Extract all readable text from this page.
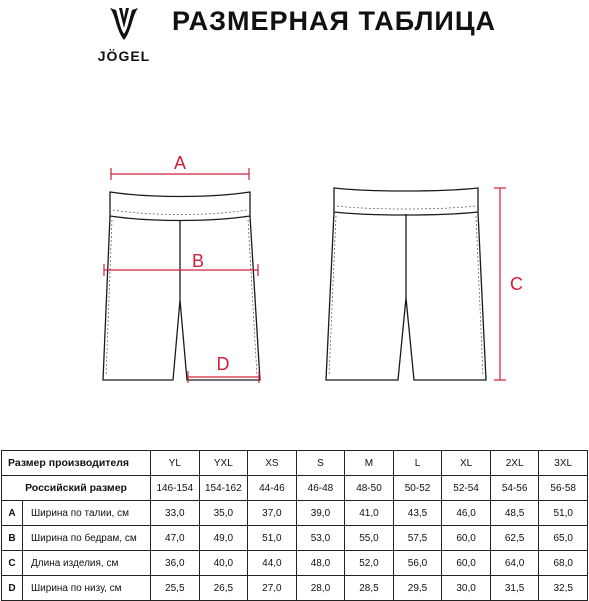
JÖGEL
РАЗМЕРНАЯ ТАБЛИЦА
A
B
C
D
Размер производителя		YL	YXL	XS	S	M	L	XL	2XL	3XL
Российский размер		146-154	154-162	44-46	46-48	48-50	50-52	52-54	54-56	56-58
A	Ширина по талии, см	33,0	35,0	37,0	39,0	41,0	43,5	46,0	48,5	51,0
B	Ширина по бедрам, см	47,0	49,0	51,0	53,0	55,0	57,5	60,0	62,5	65,0
C	Длина изделия, см	36,0	40,0	44,0	48,0	52,0	56,0	60,0	64,0	68,0
D	Ширина по низу, см	25,5	26,5	27,0	28,0	28,5	29,5	30,0	31,5	32,5
